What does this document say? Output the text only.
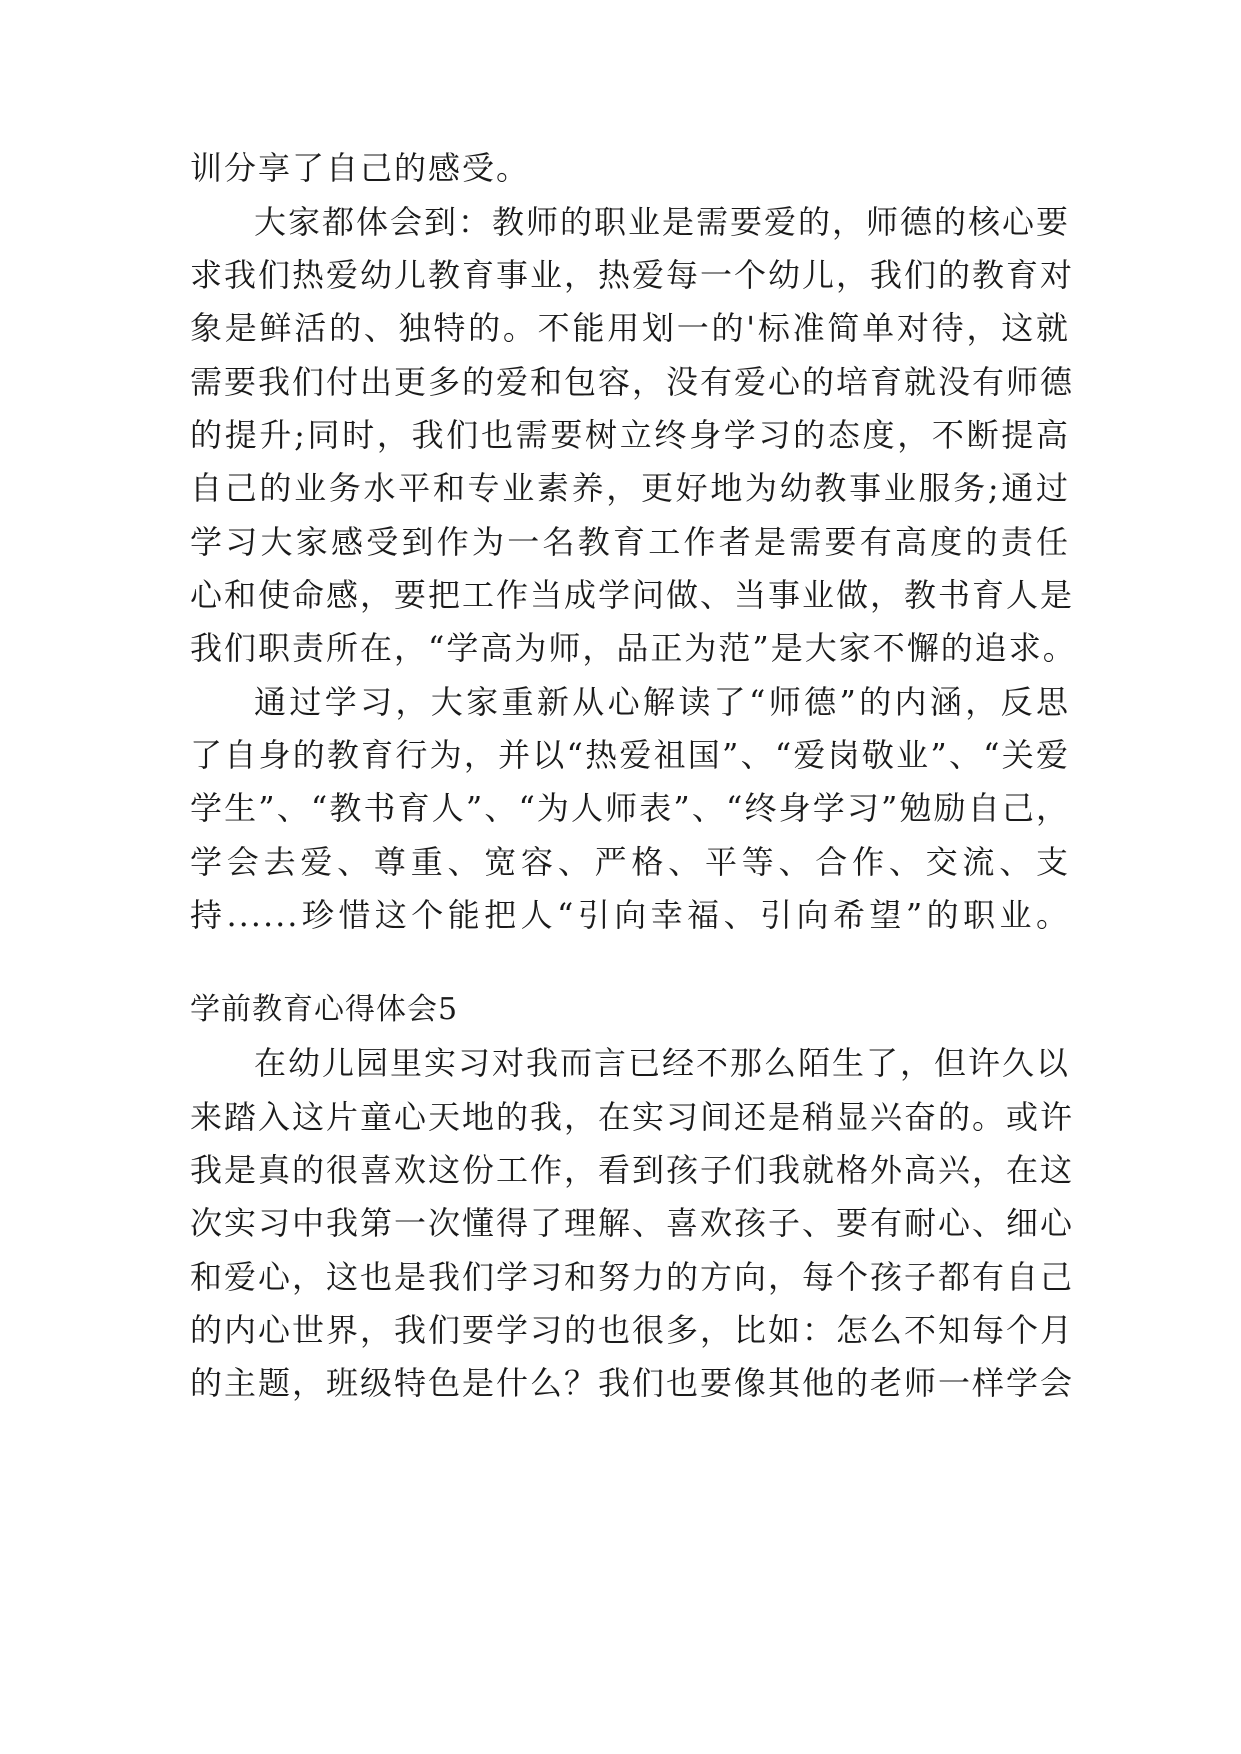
训分享了自己的感受。
大家都体会到：教师的职业是需要爱的，师德的核心要
求我们热爱幼儿教育事业，热爱每一个幼儿，我们的教育对
象是鲜活的、独特的。不能用划一的'标准简单对待，这就
需要我们付出更多的爱和包容，没有爱心的培育就没有师德
的提升;同时，我们也需要树立终身学习的态度，不断提高
自己的业务水平和专业素养，更好地为幼教事业服务;通过
学习大家感受到作为一名教育工作者是需要有高度的责任
心和使命感，要把工作当成学问做、当事业做，教书育人是
我们职责所在，“学高为师，品正为范”是大家不懈的追求。
通过学习，大家重新从心解读了“师德”的内涵，反思
了自身的教育行为，并以“热爱祖国”、“爱岗敬业”、“关爱
学生”、“教书育人”、“为人师表”、“终身学习”勉励自己，
学会去爱、尊重、宽容、严格、平等、合作、交流、支
持......珍惜这个能把人“引向幸福、引向希望”的职业。
学前教育心得体会5
在幼儿园里实习对我而言已经不那么陌生了，但许久以
来踏入这片童心天地的我，在实习间还是稍显兴奋的。或许
我是真的很喜欢这份工作，看到孩子们我就格外高兴，在这
次实习中我第一次懂得了理解、喜欢孩子、要有耐心、细心
和爱心，这也是我们学习和努力的方向，每个孩子都有自己
的内心世界，我们要学习的也很多，比如：怎么不知每个月
的主题，班级特色是什么？我们也要像其他的老师一样学会
